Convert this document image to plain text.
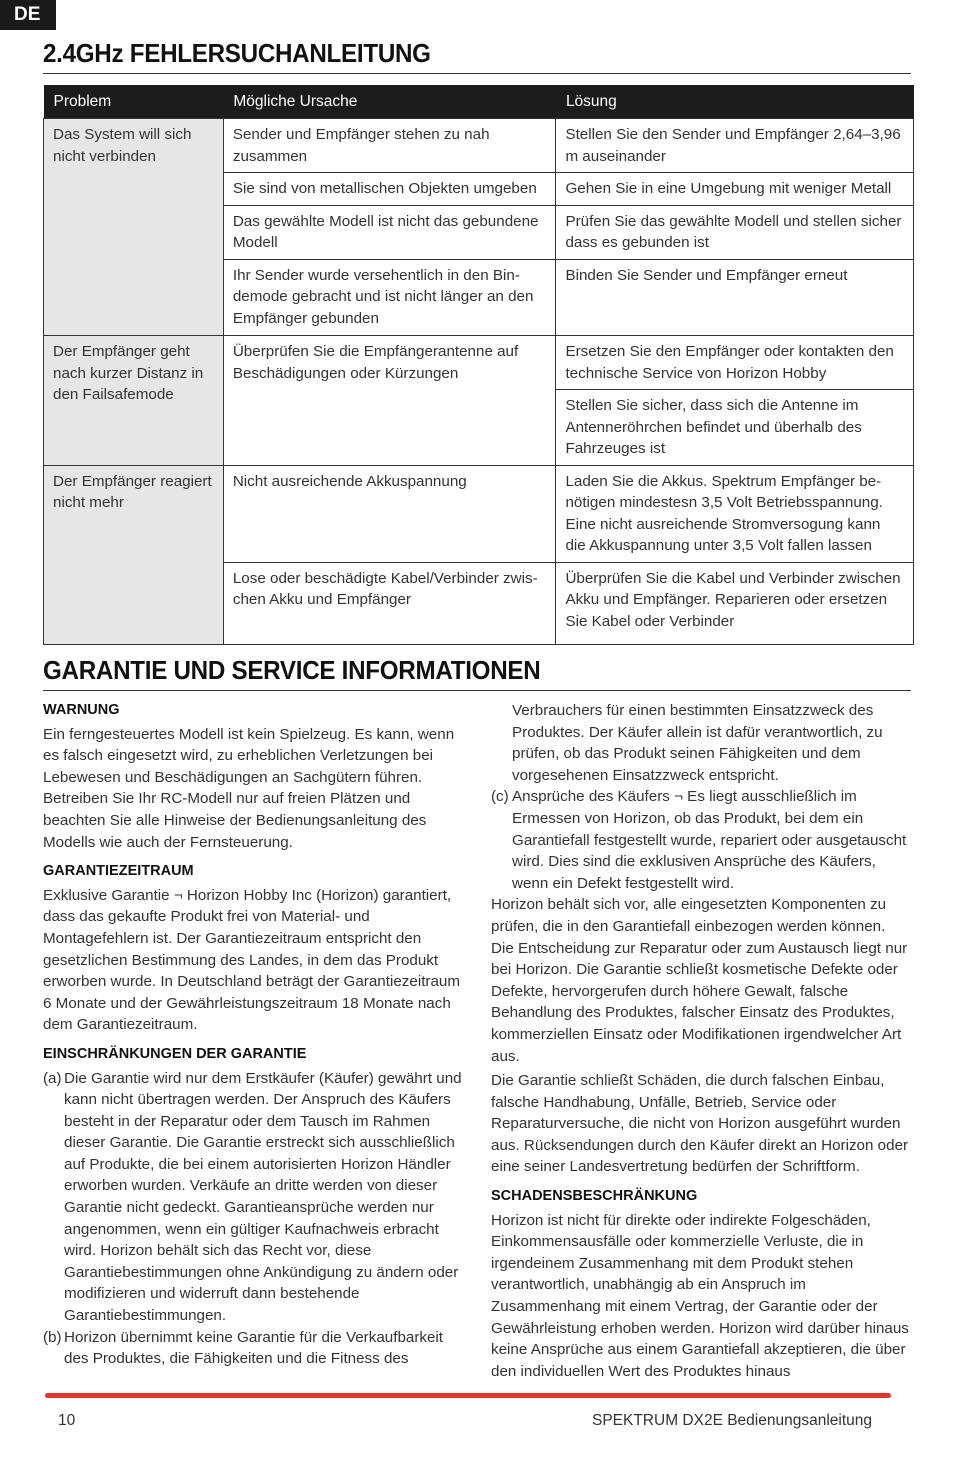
DE
2.4GHz FEHLERSUCHANLEITUNG
Problem	Mögliche Ursache	Lösung
Das System will sich nicht verbinden	Sender und Empfänger stehen zu nah zusammen	Stellen Sie den Sender und Empfänger 2,64–3,96 m auseinander
	Sie sind von metallischen Objekten umgeben	Gehen Sie in eine Umgebung mit weniger Metall
	Das gewählte Modell ist nicht das gebundene Modell	Prüfen Sie das gewählte Modell und stellen sicher dass es gebunden ist
	Ihr Sender wurde versehentlich in den Bin-demode gebracht und ist nicht länger an den Empfänger gebunden	Binden Sie Sender und Empfänger erneut
Der Empfänger geht nach kurzer Distanz in den Failsafemode	Überprüfen Sie die Empfängerantenne auf Beschädigungen oder Kürzungen	Ersetzen Sie den Empfänger oder kontakten den technische Service von Horizon Hobby
		Stellen Sie sicher, dass sich die Antenne im Antenneröhrchen befindet und überhalb des Fahrzeuges ist
Der Empfänger reagiert nicht mehr	Nicht ausreichende Akkuspannung	Laden Sie die Akkus. Spektrum Empfänger be-nötigen mindestesn 3,5 Volt Betriebsspannung. Eine nicht ausreichende Stromversogung kann die Akkuspannung unter 3,5 Volt fallen lassen
	Lose oder beschädigte Kabel/Verbinder zwis-chen Akku und Empfänger	Überprüfen Sie die Kabel und Verbinder zwischen Akku und Empfänger. Reparieren oder ersetzen Sie Kabel oder Verbinder
GARANTIE UND SERVICE INFORMATIONEN

WARNUNG

Ein ferngesteuertes Modell ist kein Spielzeug. Es kann, wenn es falsch eingesetzt wird, zu erheblichen Verletzungen bei Lebewesen und Beschädigungen an Sachgütern führen. Betreiben Sie Ihr RC-Modell nur auf freien Plätzen und beachten Sie alle Hinweise der Bedienungsanleitung des Modells wie auch der Fernsteuerung.

GARANTIEZEITRAUM

Exklusive Garantie ¬ Horizon Hobby Inc (Horizon) garantiert, dass das gekaufte Produkt frei von Material- und Montagefehlern ist. Der Garantiezeitraum entspricht den gesetzlichen Bestimmung des Landes, in dem das Produkt erworben wurde. In Deutschland beträgt der Garantiezeitraum 6 Monate und der Gewährleistungszeitraum 18 Monate nach dem Garantiezeitraum.

EINSCHRÄNKUNGEN DER GARANTIE

(a) Die Garantie wird nur dem Erstkäufer (Käufer) gewährt und kann nicht übertragen werden. Der Anspruch des Käufers besteht in der Reparatur oder dem Tausch im Rahmen dieser Garantie. Die Garantie erstreckt sich ausschließlich auf Produkte, die bei einem autorisierten Horizon Händler erworben wurden. Verkäufe an dritte werden von dieser Garantie nicht gedeckt. Garantieansprüche werden nur angenommen, wenn ein gültiger Kaufnachweis erbracht wird. Horizon behält sich das Recht vor, diese Garantiebestimmungen ohne Ankündigung zu ändern oder modifizieren und widerruft dann bestehende Garantiebestimmungen.
(b) Horizon übernimmt keine Garantie für die Verkaufbarkeit des Produktes, die Fähigkeiten und die Fitness des
Verbrauchers für einen bestimmten Einsatzzweck des Produktes. Der Käufer allein ist dafür verantwortlich, zu prüfen, ob das Produkt seinen Fähigkeiten und dem vorgesehenen Einsatzzweck entspricht.
(c) Ansprüche des Käufers ¬ Es liegt ausschließlich im Ermessen von Horizon, ob das Produkt, bei dem ein Garantiefall festgestellt wurde, repariert oder ausgetauscht wird. Dies sind die exklusiven Ansprüche des Käufers, wenn ein Defekt festgestellt wird.

Horizon behält sich vor, alle eingesetzten Komponenten zu prüfen, die in den Garantiefall einbezogen werden können. Die Entscheidung zur Reparatur oder zum Austausch liegt nur bei Horizon. Die Garantie schließt kosmetische Defekte oder Defekte, hervorgerufen durch höhere Gewalt, falsche Behandlung des Produktes, falscher Einsatz des Produktes, kommerziellen Einsatz oder Modifikationen irgendwelcher Art aus.

Die Garantie schließt Schäden, die durch falschen Einbau, falsche Handhabung, Unfälle, Betrieb, Service oder Reparaturversuche, die nicht von Horizon ausgeführt wurden aus. Rücksendungen durch den Käufer direkt an Horizon oder eine seiner Landesvertretung bedürfen der Schriftform.

SCHADENSBESCHRÄNKUNG

Horizon ist nicht für direkte oder indirekte Folgeschäden, Einkommensausfälle oder kommerzielle Verluste, die in irgendeinem Zusammenhang mit dem Produkt stehen verantwortlich, unabhängig ab ein Anspruch im Zusammenhang mit einem Vertrag, der Garantie oder der Gewährleistung erhoben werden. Horizon wird darüber hinaus keine Ansprüche aus einem Garantiefall akzeptieren, die über den individuellen Wert des Produktes hinaus

10	SPEKTRUM DX2E Bedienungsanleitung
